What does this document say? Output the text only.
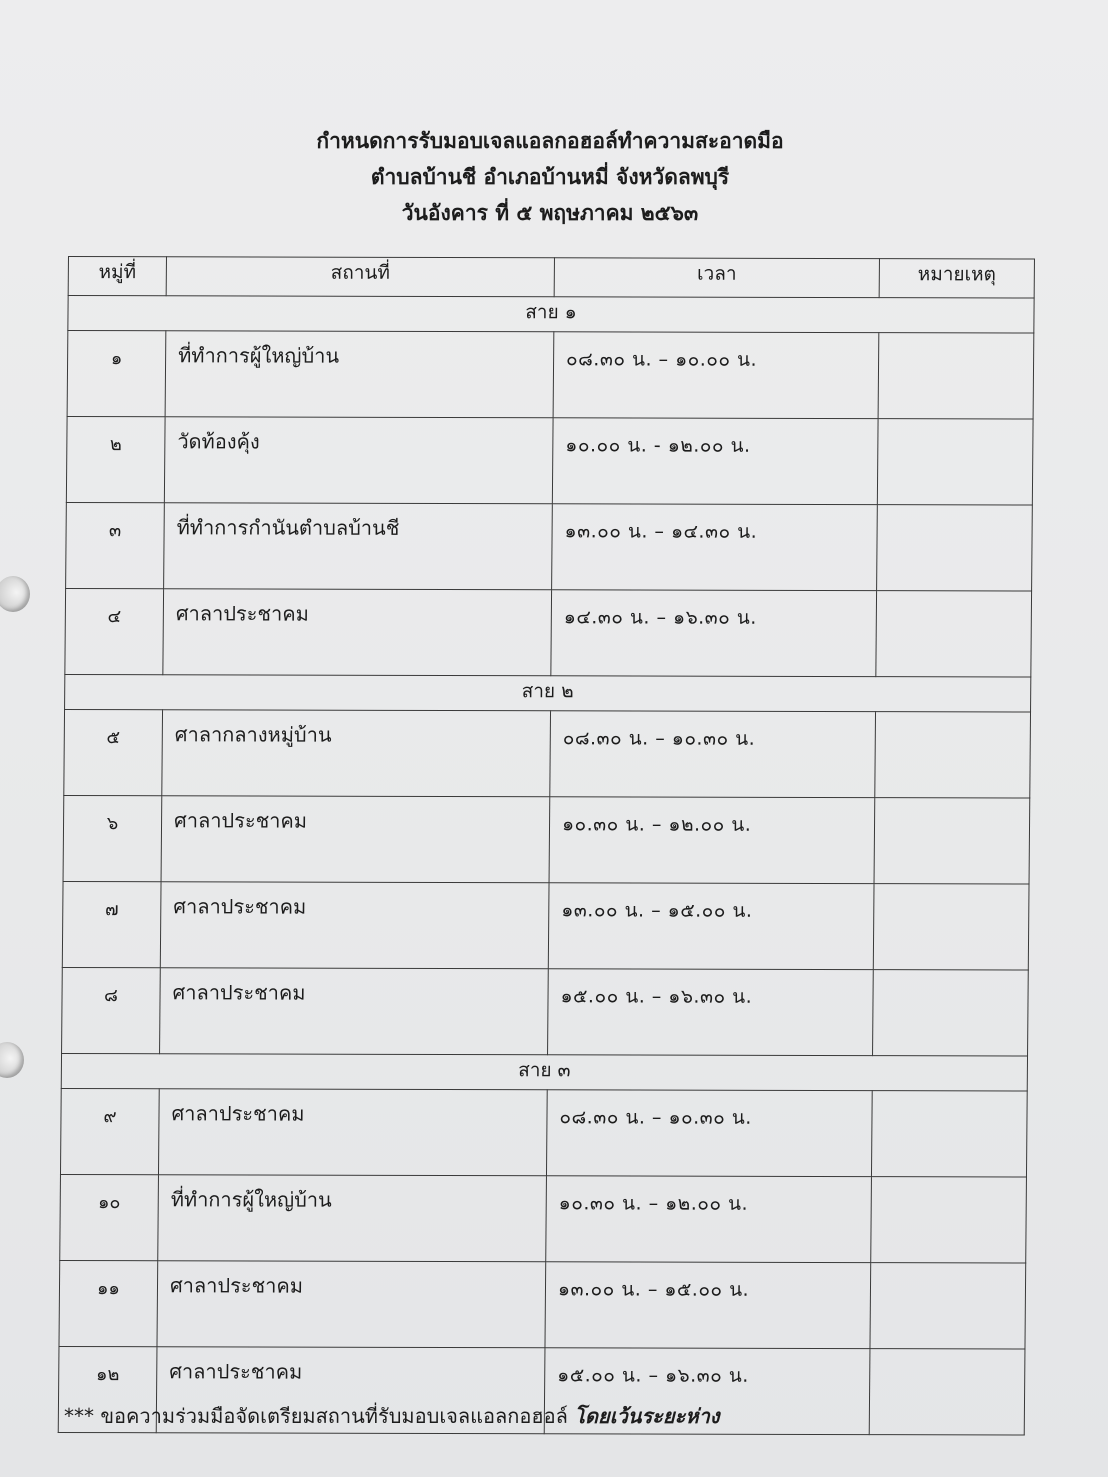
กำหนดการรับมอบเจลแอลกอฮอล์ทำความสะอาดมือ
ตำบลบ้านชี อำเภอบ้านหมี่ จังหวัดลพบุรี
วันอังคาร ที่ ๕ พฤษภาคม ๒๕๖๓
หมู่ที่	สถานที่	เวลา	หมายเหตุ
สาย ๑			
๑	ที่ทำการผู้ใหญ่บ้าน	๐๘.๓๐ น. – ๑๐.๐๐ น.	
๒	วัดท้องคุ้ง	๑๐.๐๐ น. - ๑๒.๐๐ น.	
๓	ที่ทำการกำนันตำบลบ้านชี	๑๓.๐๐ น. – ๑๔.๓๐ น.	
๔	ศาลาประชาคม	๑๔.๓๐ น. – ๑๖.๓๐ น.	
สาย ๒			
๕	ศาลากลางหมู่บ้าน	๐๘.๓๐ น. – ๑๐.๓๐ น.	
๖	ศาลาประชาคม	๑๐.๓๐ น. – ๑๒.๐๐ น.	
๗	ศาลาประชาคม	๑๓.๐๐ น. – ๑๕.๐๐ น.	
๘	ศาลาประชาคม	๑๕.๐๐ น. – ๑๖.๓๐ น.	
สาย ๓			
๙	ศาลาประชาคม	๐๘.๓๐ น. – ๑๐.๓๐ น.	
๑๐	ที่ทำการผู้ใหญ่บ้าน	๑๐.๓๐ น. – ๑๒.๐๐ น.	
๑๑	ศาลาประชาคม	๑๓.๐๐ น. – ๑๕.๐๐ น.	
๑๒	ศาลาประชาคม	๑๕.๐๐ น. – ๑๖.๓๐ น.	
*** ขอความร่วมมือจัดเตรียมสถานที่รับมอบเจลแอลกอฮอล์ โดยเว้นระยะห่าง
